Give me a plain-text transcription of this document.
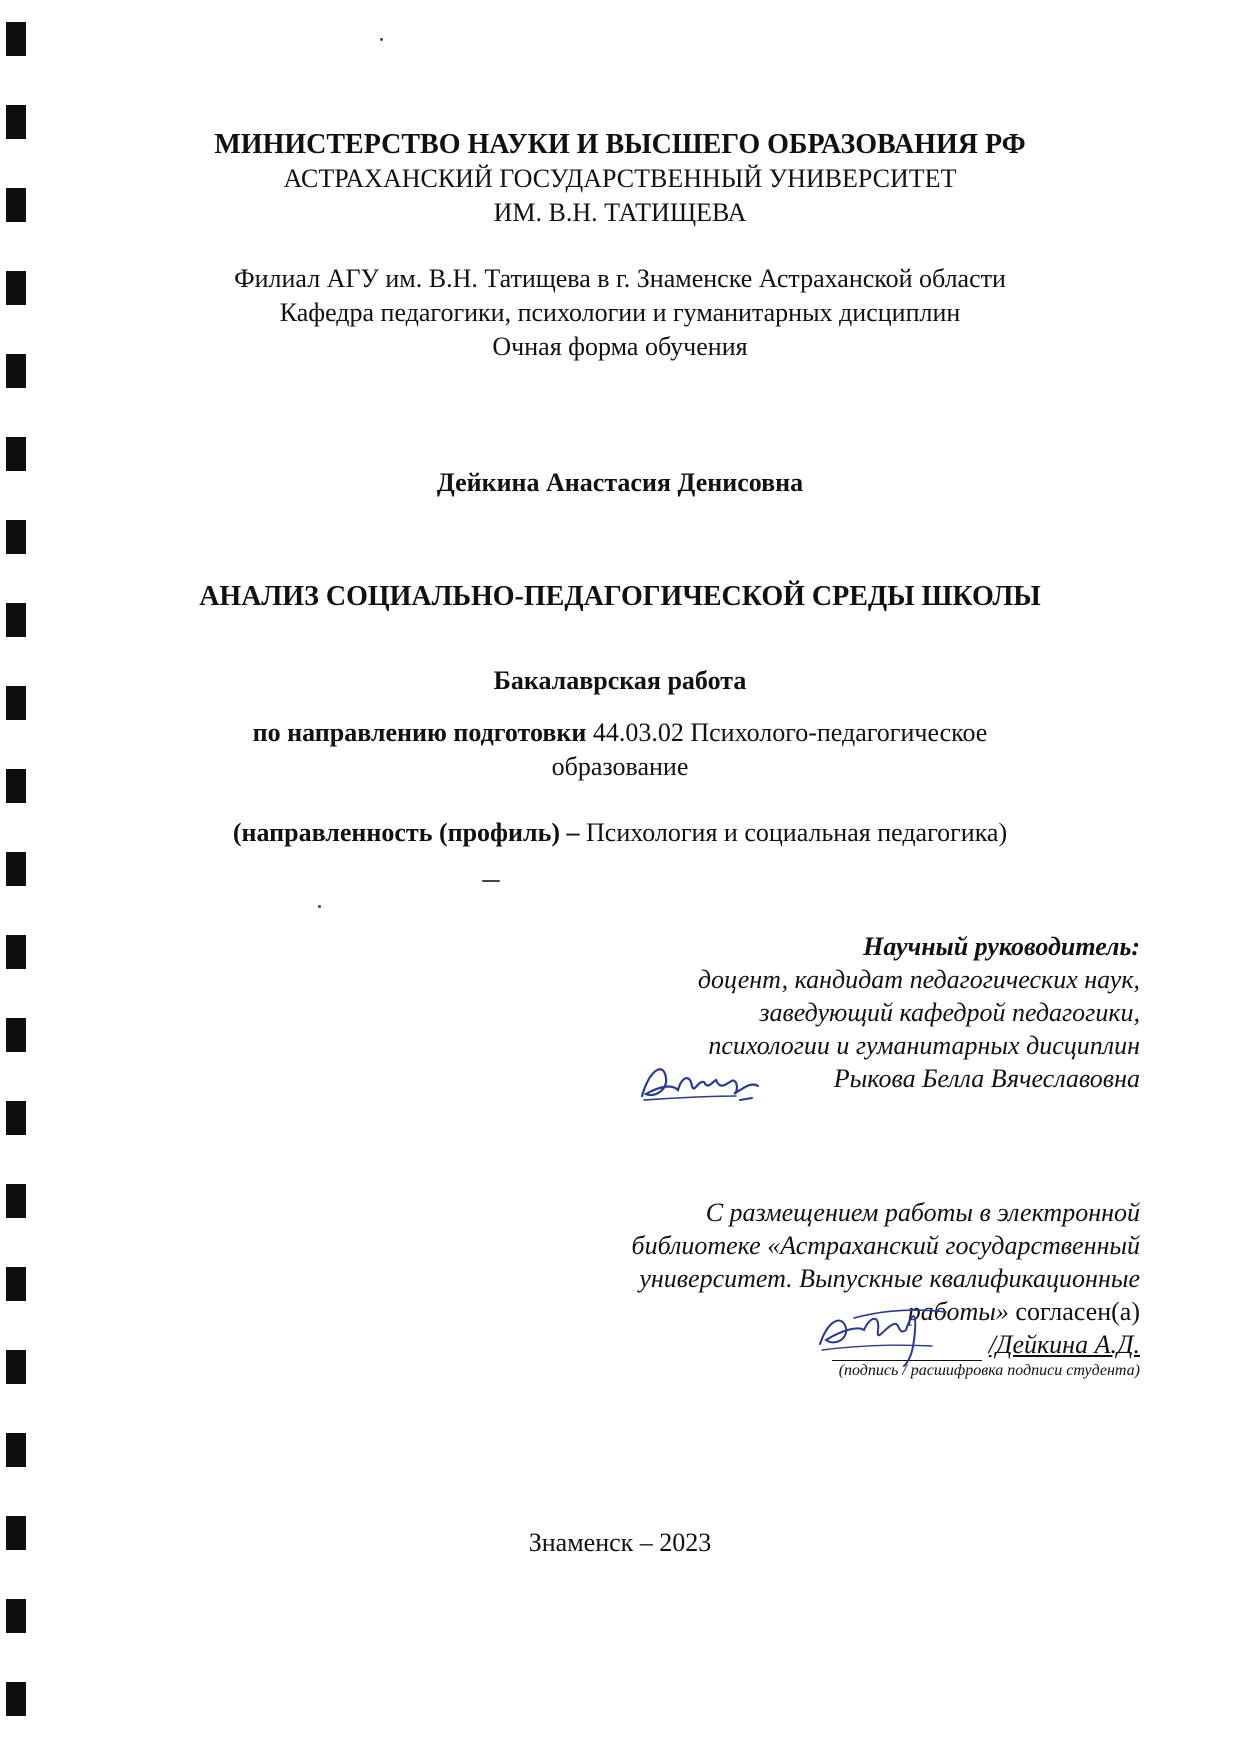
МИНИСТЕРСТВО НАУКИ И ВЫСШЕГО ОБРАЗОВАНИЯ РФ
АСТРАХАНСКИЙ ГОСУДАРСТВЕННЫЙ УНИВЕРСИТЕТ
ИМ. В.Н. ТАТИЩЕВА
Филиал АГУ им. В.Н. Татищева в г. Знаменске Астраханской области
Кафедра педагогики, психологии и гуманитарных дисциплин
Очная форма обучения
Дейкина Анастасия Денисовна
АНАЛИЗ СОЦИАЛЬНО-ПЕДАГОГИЧЕСКОЙ СРЕДЫ ШКОЛЫ
Бакалаврская работа
по направлению подготовки 44.03.02 Психолого-педагогическое
образование
(направленность (профиль) – Психология и социальная педагогика)
Научный руководитель:
доцент, кандидат педагогических наук,
заведующий кафедрой педагогики,
психологии и гуманитарных дисциплин
Рыкова Белла Вячеславовна
С размещением работы в электронной
библиотеке «Астраханский государственный
университет. Выпускные квалификационные
работы» согласен(а)
/Дейкина А.Д.
(подпись / расшифровка подписи студента)
Знаменск – 2023
